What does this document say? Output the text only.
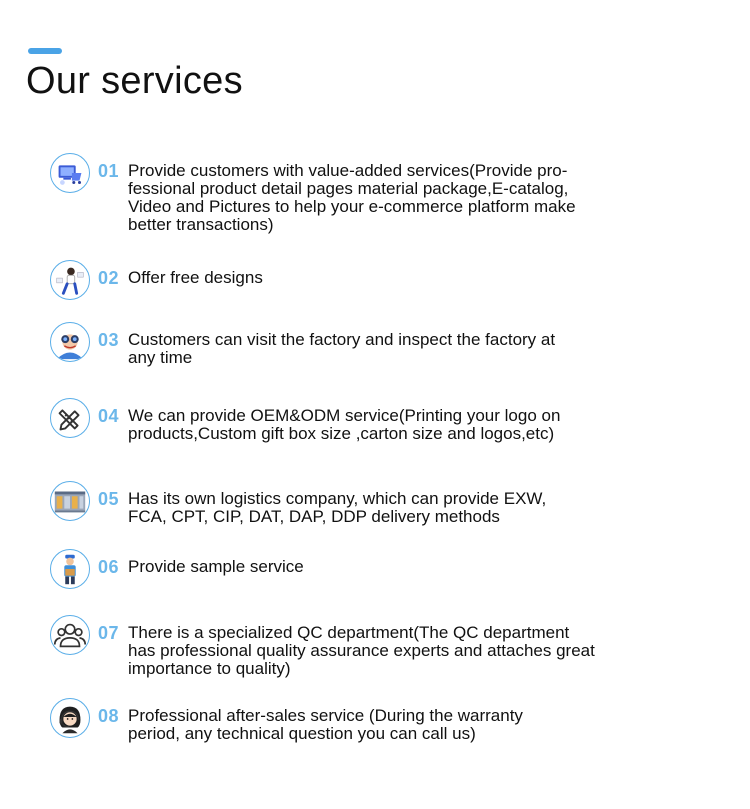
Our services
01 Provide customers with value-added services(Provide pro-
fessional product detail pages material package,E-catalog,
Video and Pictures to help your e-commerce platform make
better transactions)
02 Offer free designs
03 Customers can visit the factory and inspect the factory at
any time
04 We can provide OEM&ODM service(Printing your logo on
products,Custom gift box size ,carton size and logos,etc)
05 Has its own logistics company, which can provide EXW,
FCA, CPT, CIP, DAT, DAP, DDP delivery methods
06 Provide sample service
07 There is a specialized QC department(The QC department
has professional quality assurance experts and attaches great
importance to quality)
08 Professional after-sales service (During the warranty
period, any technical question you can call us)
